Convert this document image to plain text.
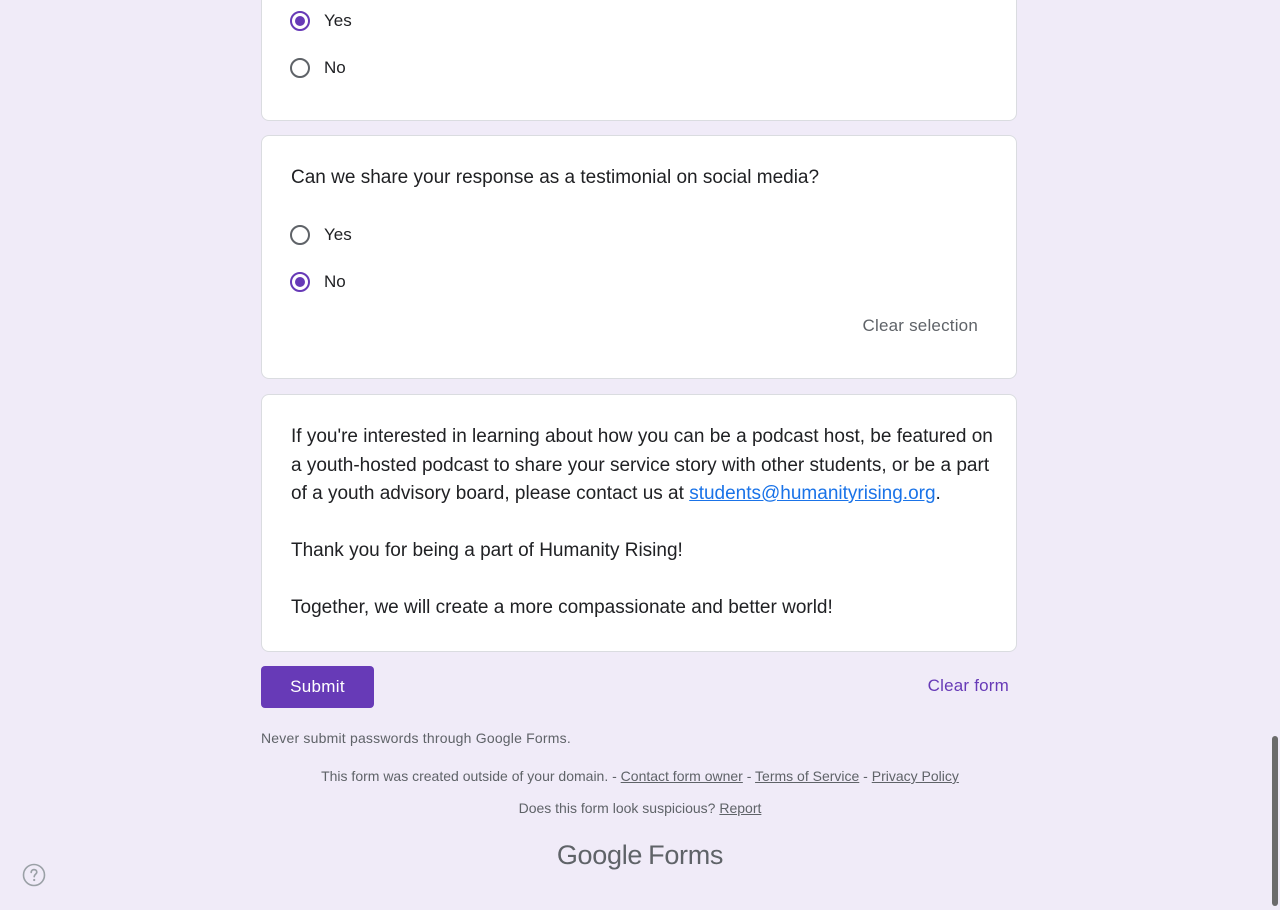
Yes
No
Can we share your response as a testimonial on social media?
Yes
No
Clear selection

If you're interested in learning about how you can be a podcast host, be featured on a youth-hosted podcast to share your service story with other students, or be a part of a youth advisory board, please contact us at students@humanityrising.org.

Thank you for being a part of Humanity Rising!

Together, we will create a more compassionate and better world!

Submit	Clear form
Never submit passwords through Google Forms.
This form was created outside of your domain. - Contact form owner - Terms of Service - Privacy Policy
Does this form look suspicious? Report
Google Forms
